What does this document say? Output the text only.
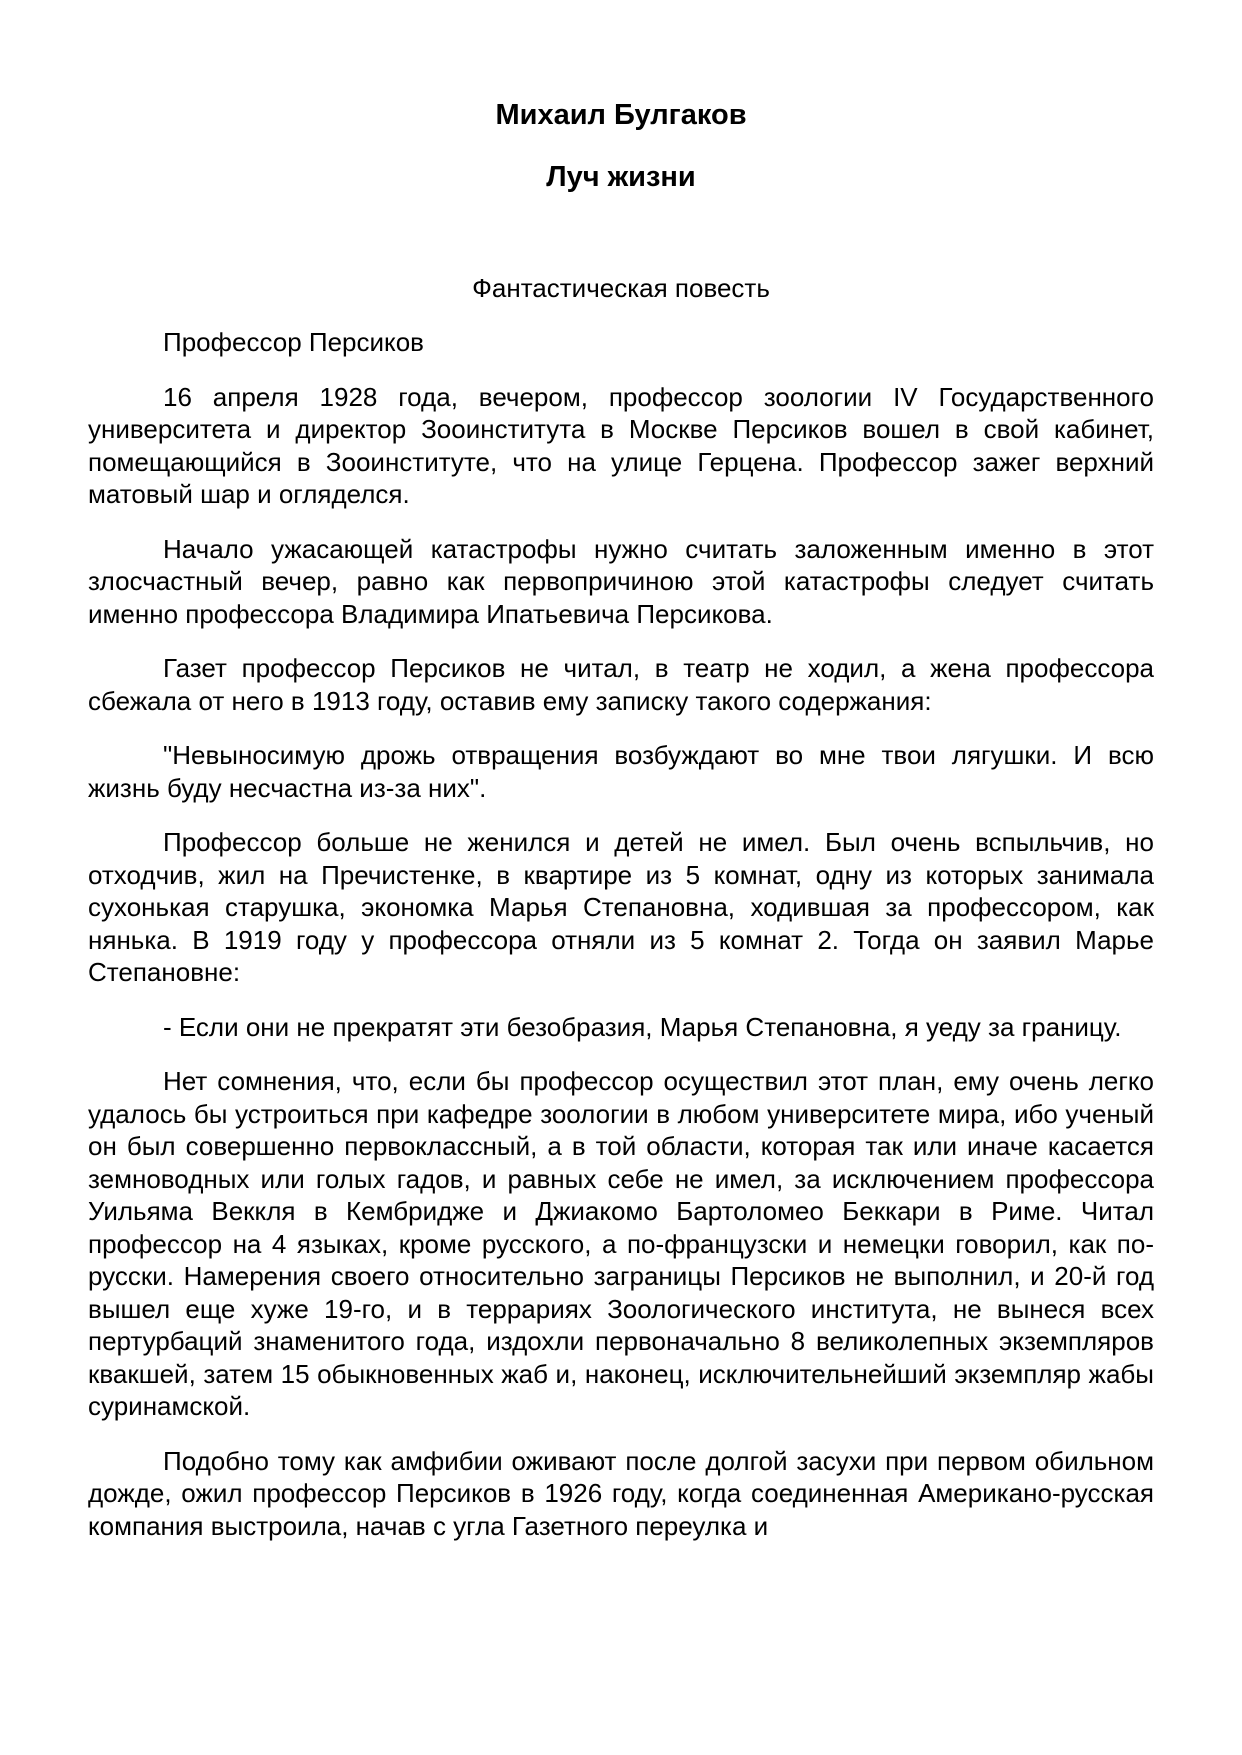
Михаил Булгаков
Луч жизни
Фантастическая повесть

Профессор Персиков

16 апреля 1928 года, вечером, профессор зоологии IV Государственного университета и директор Зооинститута в Москве Персиков вошел в свой кабинет, помещающийся в Зооинституте, что на улице Герцена. Профессор зажег верхний матовый шар и огляделся.

Начало ужасающей катастрофы нужно считать заложенным именно в этот злосчастный вечер, равно как первопричиною этой катастрофы следует считать именно профессора Владимира Ипатьевича Персикова.

Газет профессор Персиков не читал, в театр не ходил, а жена профессора сбежала от него в 1913 году, оставив ему записку такого содержания:

"Невыносимую дрожь отвращения возбуждают во мне твои лягушки. И всю жизнь буду несчастна из-за них".

Профессор больше не женился и детей не имел. Был очень вспыльчив, но отходчив, жил на Пречистенке, в квартире из 5 комнат, одну из которых занимала сухонькая старушка, экономка Марья Степановна, ходившая за профессором, как нянька. В 1919 году у профессора отняли из 5 комнат 2. Тогда он заявил Марье Степановне:

- Если они не прекратят эти безобразия, Марья Степановна, я уеду за границу.

Нет сомнения, что, если бы профессор осуществил этот план, ему очень легко удалось бы устроиться при кафедре зоологии в любом университете мира, ибо ученый он был совершенно первоклассный, а в той области, которая так или иначе касается земноводных или голых гадов, и равных себе не имел, за исключением профессора Уильяма Веккля в Кембридже и Джиакомо Бартоломео Беккари в Риме. Читал профессор на 4 языках, кроме русского, а по-французски и немецки говорил, как по-русски. Намерения своего относительно заграницы Персиков не выполнил, и 20-й год вышел еще хуже 19-го, и в террариях Зоологического института, не вынеся всех пертурбаций знаменитого года, издохли первоначально 8 великолепных экземпляров квакшей, затем 15 обыкновенных жаб и, наконец, исключительнейший экземпляр жабы суринамской.

Подобно тому как амфибии оживают после долгой засухи при первом обильном дожде, ожил профессор Персиков в 1926 году, когда соединенная Американо-русская компания выстроила, начав с угла Газетного переулка и
